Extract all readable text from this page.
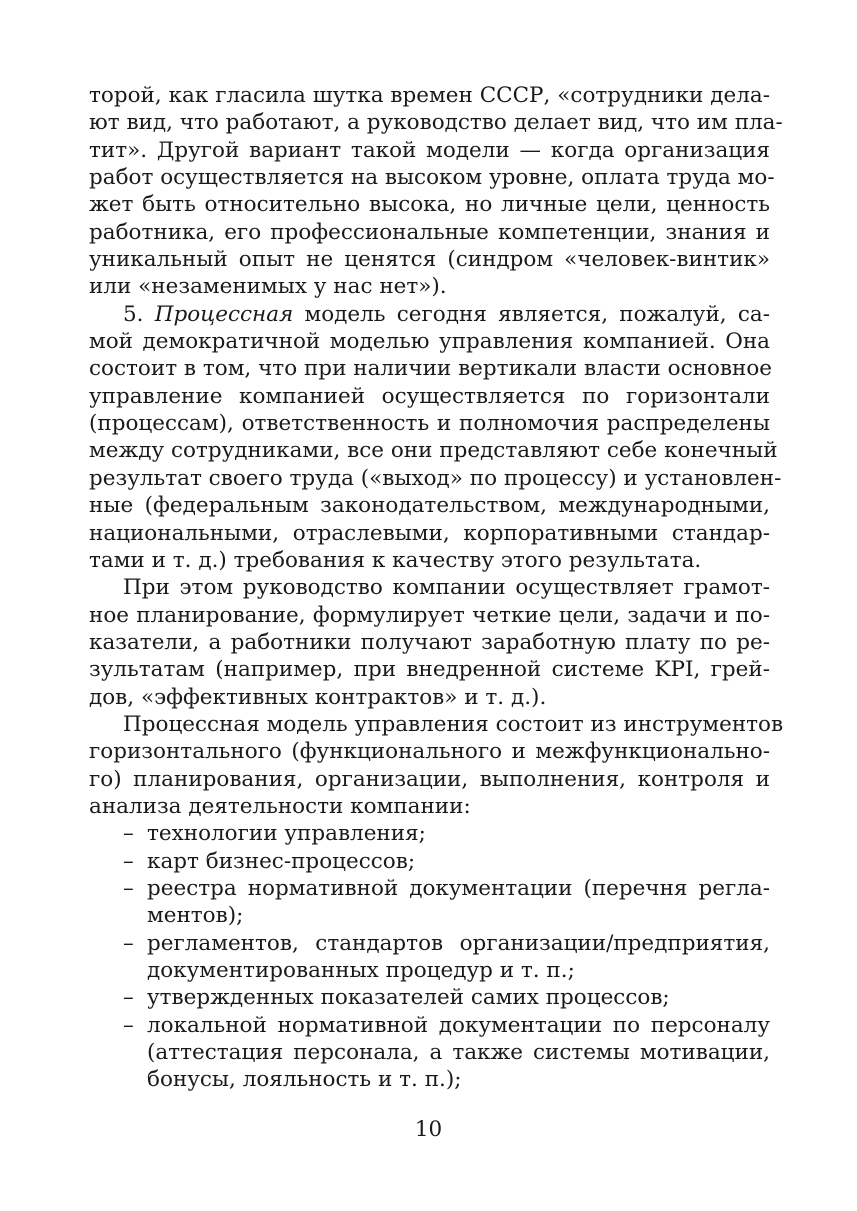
торой, как гласила шутка времен СССР, «сотрудники дела-
ют вид, что работают, а руководство делает вид, что им пла-
тит». Другой вариант такой модели — когда организация
работ осуществляется на высоком уровне, оплата труда мо-
жет быть относительно высока, но личные цели, ценность
работника, его профессиональные компетенции, знания и
уникальный опыт не ценятся (синдром «человек-винтик»
или «незаменимых у нас нет»).
5. Процессная модель сегодня является, пожалуй, са-
мой демократичной моделью управления компанией. Она
состоит в том, что при наличии вертикали власти основное
управление компанией осуществляется по горизонтали
(процессам), ответственность и полномочия распределены
между сотрудниками, все они представляют себе конечный
результат своего труда («выход» по процессу) и установлен-
ные (федеральным законодательством, международными,
национальными, отраслевыми, корпоративными стандар-
тами и т. д.) требования к качеству этого результата.
При этом руководство компании осуществляет грамот-
ное планирование, формулирует четкие цели, задачи и по-
казатели, а работники получают заработную плату по ре-
зультатам (например, при внедренной системе KPI, грей-
дов, «эффективных контрактов» и т. д.).
Процессная модель управления состоит из инструментов
горизонтального (функционального и межфункционально-
го) планирования, организации, выполнения, контроля и
анализа деятельности компании:
– технологии управления;
– карт бизнес-процессов;
– реестра нормативной документации (перечня регла-
ментов);
– регламентов, стандартов организации/предприятия,
документированных процедур и т. п.;
– утвержденных показателей самих процессов;
– локальной нормативной документации по персоналу
(аттестация персонала, а также системы мотивации,
бонусы, лояльность и т. п.);
10
